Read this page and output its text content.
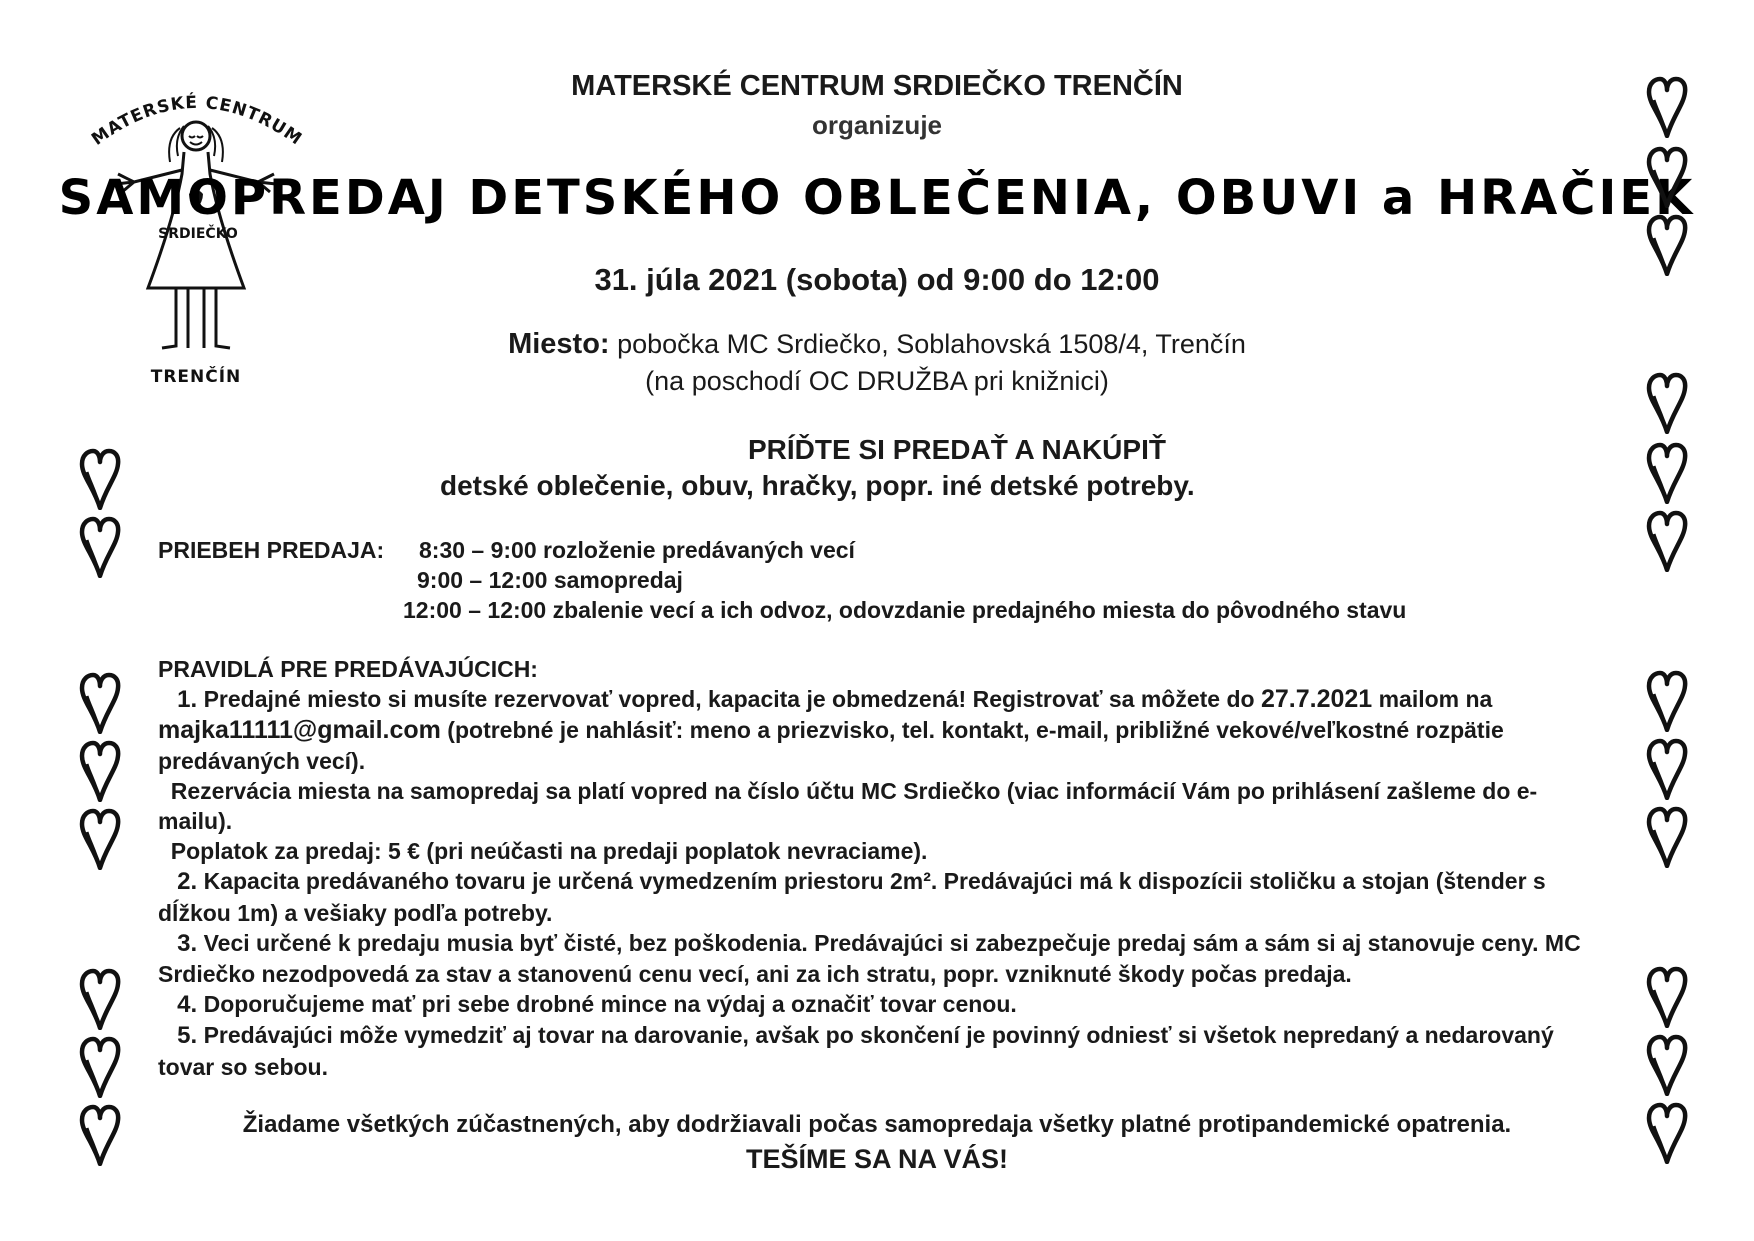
MATERSKÉ CENTRUM
SRDIEČKO
TRENČÍN
MATERSKÉ CENTRUM SRDIEČKO TRENČÍN
organizuje
SAMOPREDAJ DETSKÉHO OBLEČENIA, OBUVI a HRAČIEK
31. júla 2021 (sobota) od 9:00 do 12:00
Miesto: pobočka MC Srdiečko, Soblahovská 1508/4, Trenčín
(na poschodí OC DRUŽBA pri knižnici)
PRÍĎTE SI PREDAŤ A NAKÚPIŤ
detské oblečenie, obuv, hračky, popr. iné detské potreby.
PRIEBEH PREDAJA: 8:30 – 9:00 rozloženie predávaných vecí
9:00 – 12:00 samopredaj
12:00 – 12:00 zbalenie vecí a ich odvoz, odovzdanie predajného miesta do pôvodného stavu

PRAVIDLÁ PRE PREDÁVAJÚCICH:

1. Predajné miesto si musíte rezervovať vopred, kapacita je obmedzená! Registrovať sa môžete do 27.7.2021 mailom na majka11111@gmail.com (potrebné je nahlásiť: meno a priezvisko, tel. kontakt, e-mail, približné vekové/veľkostné rozpätie predávaných vecí).

Rezervácia miesta na samopredaj sa platí vopred na číslo účtu MC Srdiečko (viac informácií Vám po prihlásení zašleme do e-mailu).

Poplatok za predaj: 5 € (pri neúčasti na predaji poplatok nevraciame).

2. Kapacita predávaného tovaru je určená vymedzením priestoru 2m². Predávajúci má k dispozícii stoličku a stojan (štender s dĺžkou 1m) a vešiaky podľa potreby.

3. Veci určené k predaju musia byť čisté, bez poškodenia. Predávajúci si zabezpečuje predaj sám a sám si aj stanovuje ceny. MC Srdiečko nezodpovedá za stav a stanovenú cenu vecí, ani za ich stratu, popr. vzniknuté škody počas predaja.

4. Doporučujeme mať pri sebe drobné mince na výdaj a označiť tovar cenou.

5. Predávajúci môže vymedziť aj tovar na darovanie, avšak po skončení je povinný odniesť si všetok nepredaný a nedarovaný tovar so sebou.

Žiadame všetkých zúčastnených, aby dodržiavali počas samopredaja všetky platné protipandemické opatrenia.
TEŠÍME SA NA VÁS!
